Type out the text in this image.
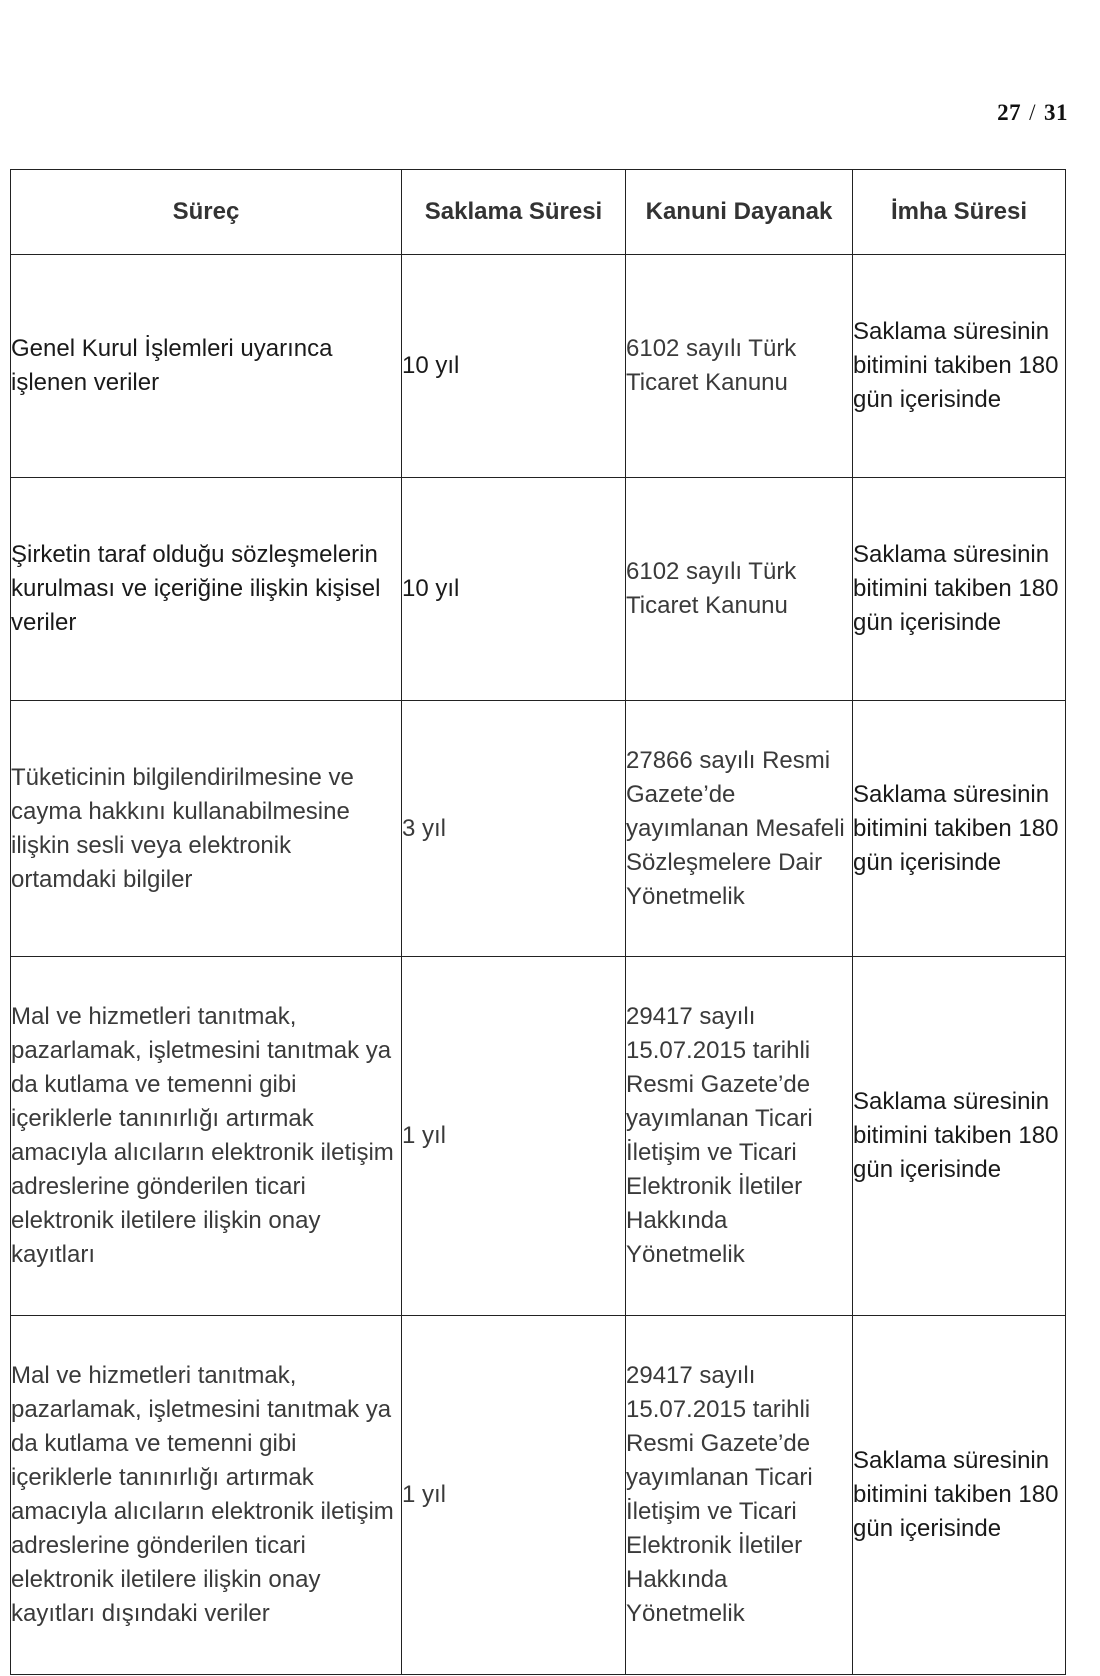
27 / 31
Süreç	Saklama Süresi	Kanuni Dayanak	İmha Süresi
Genel Kurul İşlemleri uyarınca işlenen veriler	10 yıl	6102 sayılı Türk Ticaret Kanunu	Saklama süresinin bitimini takiben 180 gün içerisinde
Şirketin taraf olduğu sözleşmelerin kurulması ve içeriğine ilişkin kişisel veriler	10 yıl	6102 sayılı Türk Ticaret Kanunu	Saklama süresinin bitimini takiben 180 gün içerisinde
Tüketicinin bilgilendirilmesine ve cayma hakkını kullanabilmesine ilişkin sesli veya elektronik ortamdaki bilgiler	3 yıl	27866 sayılı Resmi Gazete’de yayımlanan Mesafeli Sözleşmelere Dair Yönetmelik	Saklama süresinin bitimini takiben 180 gün içerisinde
Mal ve hizmetleri tanıtmak, pazarlamak, işletmesini tanıtmak ya da kutlama ve temenni gibi içeriklerle tanınırlığı artırmak amacıyla alıcıların elektronik iletişim adreslerine gönderilen ticari elektronik iletilere ilişkin onay kayıtları	1 yıl	29417 sayılı 15.07.2015 tarihli Resmi Gazete’de yayımlanan Ticari İletişim ve Ticari Elektronik İletiler Hakkında Yönetmelik	Saklama süresinin bitimini takiben 180 gün içerisinde
Mal ve hizmetleri tanıtmak, pazarlamak, işletmesini tanıtmak ya da kutlama ve temenni gibi içeriklerle tanınırlığı artırmak amacıyla alıcıların elektronik iletişim adreslerine gönderilen ticari elektronik iletilere ilişkin onay kayıtları dışındaki veriler	1 yıl	29417 sayılı 15.07.2015 tarihli Resmi Gazete’de yayımlanan Ticari İletişim ve Ticari Elektronik İletiler Hakkında Yönetmelik	Saklama süresinin bitimini takiben 180 gün içerisinde
